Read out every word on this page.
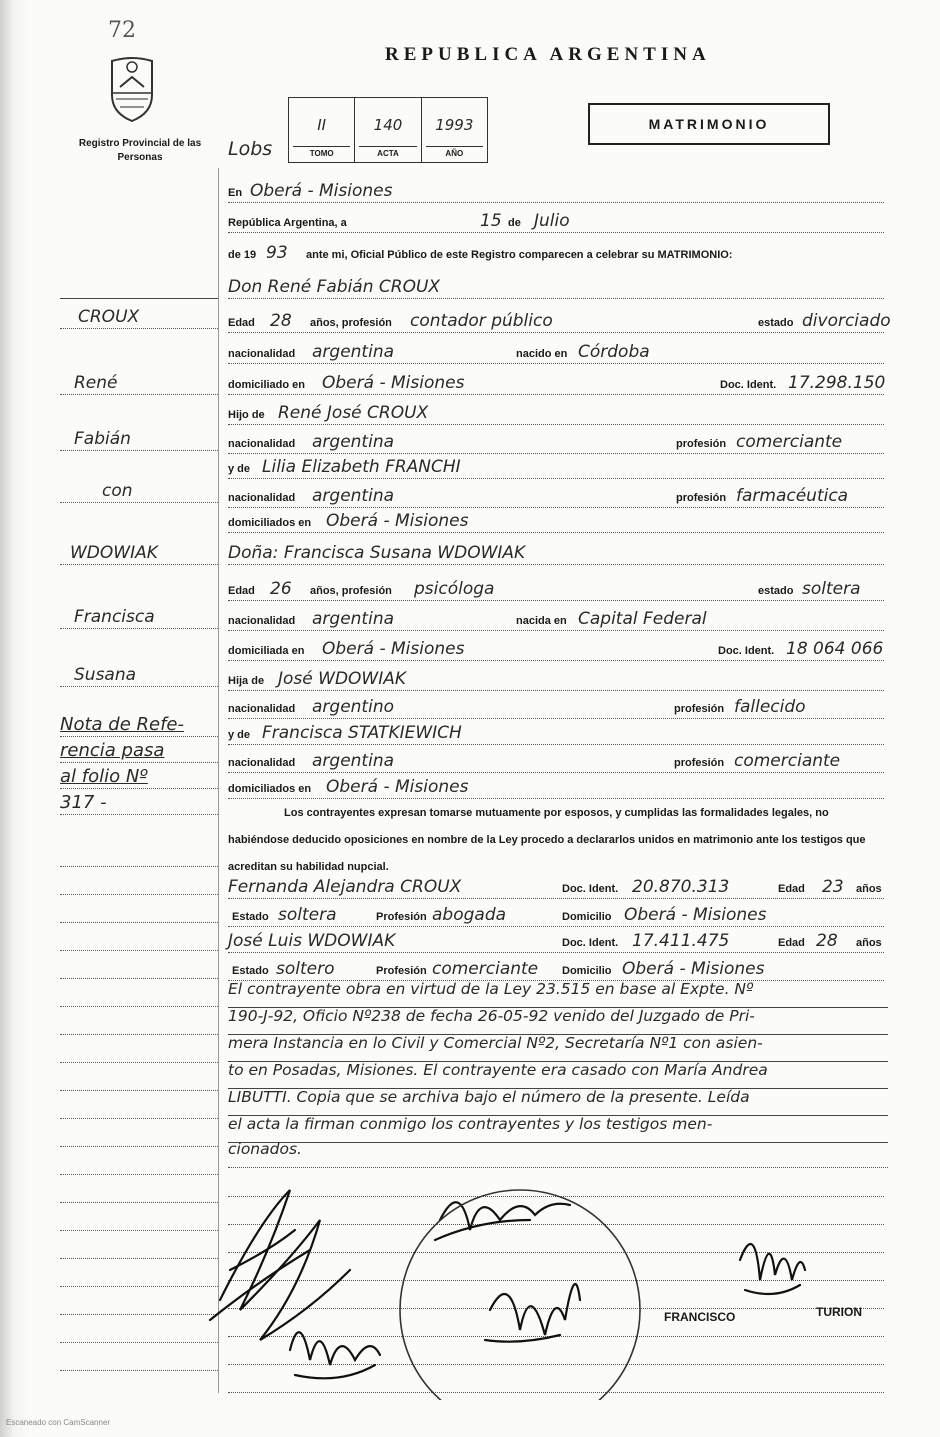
72
Registro Provincial de las Personas
REPUBLICA ARGENTINA
MATRIMONIO
Lobs
II
TOMO
140
ACTA
1993
AÑO
En Oberá - Misiones
República Argentina, a	15 de Julio
de 19 93 ante mi, Oficial Público de este Registro comparecen a celebrar su MATRIMONIO:
Don René Fabián CROUX
Edad 28 años, profesión contador público	estado divorciado
nacionalidad argentina	nacido en Córdoba
domiciliado en Oberá - Misiones	Doc. Ident. 17.298.150
Hijo de René José CROUX
nacionalidad argentina	profesión comerciante
y de Lilia Elizabeth FRANCHI
nacionalidad argentina	profesión farmacéutica
domiciliados en Oberá - Misiones
Doña: Francisca Susana WDOWIAK
Edad 26 años, profesión psicóloga	estado soltera
nacionalidad argentina	nacida en Capital Federal
domiciliada en Oberá - Misiones	Doc. Ident. 18 064 066
Hija de José WDOWIAK
nacionalidad argentino	profesión fallecido
y de Francisca STATKIEWICH
nacionalidad argentina	profesión comerciante
domiciliados en Oberá - Misiones
CROUX
René
Fabián
con
WDOWIAK
Francisca
Susana
Nota de Refe-
rencia pasa
al folio Nº
317 -	Los contrayentes expresan tomarse mutuamente por esposos, y cumplidas las formalidades legales, no habiéndose deducido oposiciones en nombre de la Ley procedo a declararlos unidos en matrimonio ante los testigos que acreditan su habilidad nupcial.
Fernanda Alejandra CROUX	Doc. Ident. 20.870.313	Edad 23 años
Estado soltera	Profesión abogada	Domicilio Oberá - Misiones
José Luis WDOWIAK	Doc. Ident. 17.411.475	Edad 28 años
Estado soltero	Profesión comerciante Domicilio Oberá - Misiones
El contrayente obra en virtud de la Ley 23.515 en base al Expte. Nº
190-J-92, Oficio Nº238 de fecha 26-05-92 venido del Juzgado de Pri-
mera Instancia en lo Civil y Comercial Nº2, Secretaría Nº1 con asien-
to en Posadas, Misiones. El contrayente era casado con María Andrea
LIBUTTI. Copia que se archiva bajo el número de la presente. Leída
el acta la firman conmigo los contrayentes y los testigos men-
cionados.
FRANCISCO	TURION
Escaneado con CamScanner
